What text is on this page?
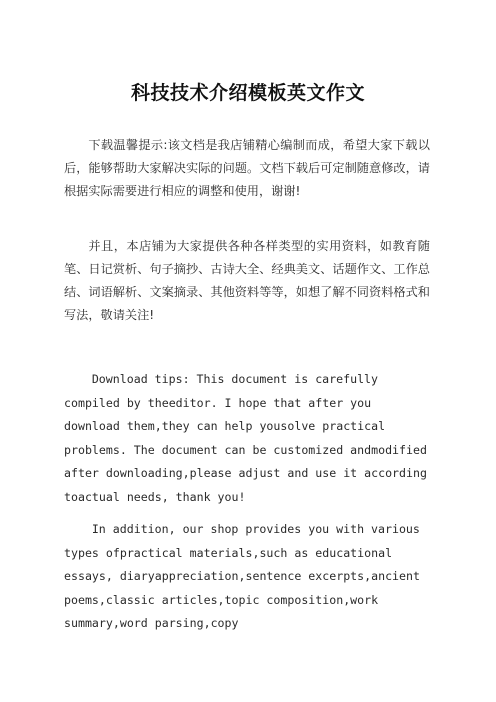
科技技术介绍模板英文作文

下载温馨提示:该文档是我店铺精心编制而成，希望大家下载以后，能够帮助大家解决实际的问题。文档下载后可定制随意修改，请根据实际需要进行相应的调整和使用，谢谢!

并且，本店铺为大家提供各种各样类型的实用资料，如教育随笔、日记赏析、句子摘抄、古诗大全、经典美文、话题作文、工作总结、词语解析、文案摘录、其他资料等等，如想了解不同资料格式和写法，敬请关注!

Download tips: This document is carefully compiled by theeditor. I hope that after you download them,they can help yousolve practical problems. The document can be customized andmodified after downloading,please adjust and use it according toactual needs, thank you!

In addition, our shop provides you with various types ofpractical materials,such as educational essays, diaryappreciation,sentence excerpts,ancient poems,classic articles,topic composition,work summary,word parsing,copy
